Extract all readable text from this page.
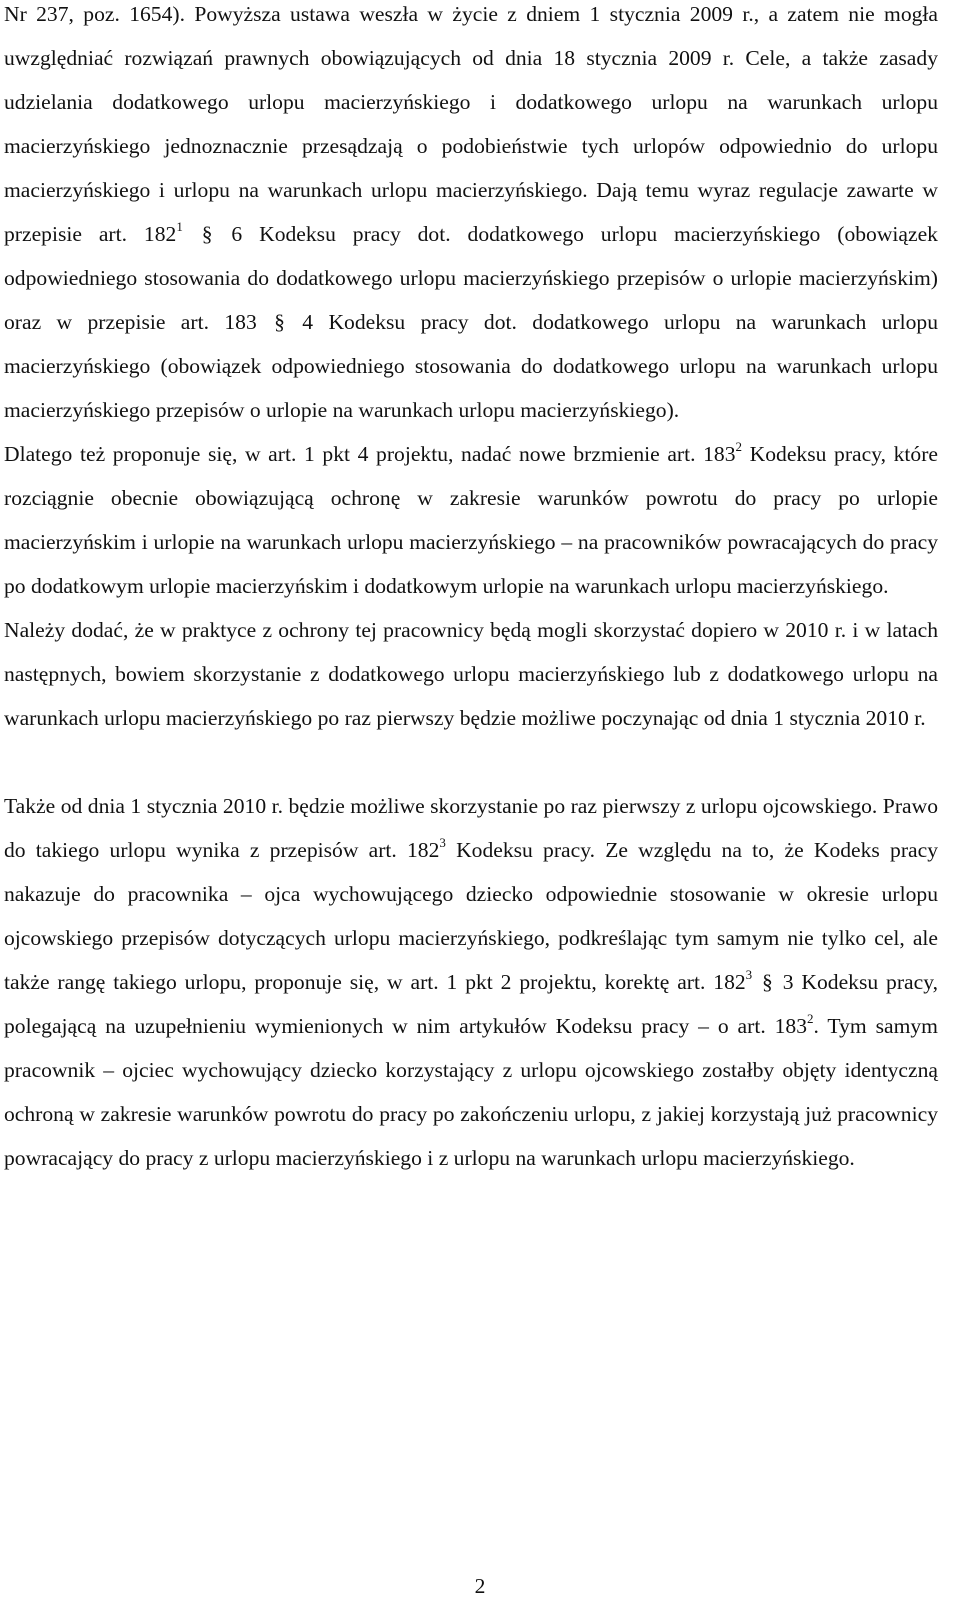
Nr 237, poz. 1654). Powyższa ustawa weszła w życie z dniem 1 stycznia 2009 r., a zatem nie mogła uwzględniać rozwiązań prawnych obowiązujących od dnia 18 stycznia 2009 r. Cele, a także zasady udzielania dodatkowego urlopu macierzyńskiego i dodatkowego urlopu na warunkach urlopu macierzyńskiego jednoznacznie przesądzają o podobieństwie tych urlopów odpowiednio do urlopu macierzyńskiego i urlopu na warunkach urlopu macierzyńskiego. Dają temu wyraz regulacje zawarte w przepisie art. $182^1$ § 6 Kodeksu pracy dot. dodatkowego urlopu macierzyńskiego (obowiązek odpowiedniego stosowania do dodatkowego urlopu macierzyńskiego przepisów o urlopie macierzyńskim) oraz w przepisie art. 183 § 4 Kodeksu pracy dot. dodatkowego urlopu na warunkach urlopu macierzyńskiego (obowiązek odpowiedniego stosowania do dodatkowego urlopu na warunkach urlopu macierzyńskiego przepisów o urlopie na warunkach urlopu macierzyńskiego).

Dlatego też proponuje się, w art. 1 pkt 4 projektu, nadać nowe brzmienie art. $183^2$ Kodeksu pracy, które rozciągnie obecnie obowiązującą ochronę w zakresie warunków powrotu do pracy po urlopie macierzyńskim i urlopie na warunkach urlopu macierzyńskiego – na pracowników powracających do pracy po dodatkowym urlopie macierzyńskim i dodatkowym urlopie na warunkach urlopu macierzyńskiego.

Należy dodać, że w praktyce z ochrony tej pracownicy będą mogli skorzystać dopiero w 2010 r. i w latach następnych, bowiem skorzystanie z dodatkowego urlopu macierzyńskiego lub z dodatkowego urlopu na warunkach urlopu macierzyńskiego po raz pierwszy będzie możliwe poczynając od dnia 1 stycznia 2010 r.

Także od dnia 1 stycznia 2010 r. będzie możliwe skorzystanie po raz pierwszy z urlopu ojcowskiego. Prawo do takiego urlopu wynika z przepisów art. $182^3$ Kodeksu pracy. Ze względu na to, że Kodeks pracy nakazuje do pracownika – ojca wychowującego dziecko odpowiednie stosowanie w okresie urlopu ojcowskiego przepisów dotyczących urlopu macierzyńskiego, podkreślając tym samym nie tylko cel, ale także rangę takiego urlopu, proponuje się, w art. 1 pkt 2 projektu, korektę art. $182^3$ § 3 Kodeksu pracy, polegającą na uzupełnieniu wymienionych w nim artykułów Kodeksu pracy – o art. $183^2$. Tym samym pracownik – ojciec wychowujący dziecko korzystający z urlopu ojcowskiego zostałby objęty identyczną ochroną w zakresie warunków powrotu do pracy po zakończeniu urlopu, z jakiej korzystają już pracownicy powracający do pracy z urlopu macierzyńskiego i z urlopu na warunkach urlopu macierzyńskiego.

2
